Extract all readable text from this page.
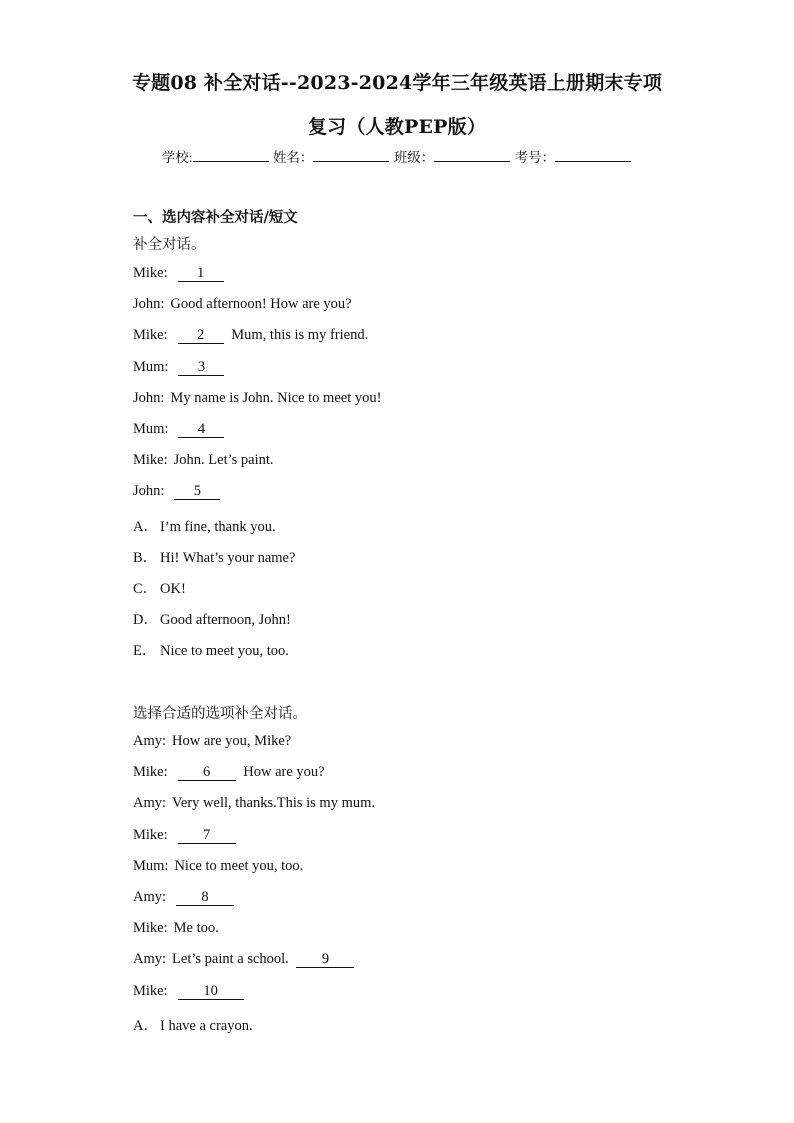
专题08 补全对话--2023-2024学年三年级英语上册期末专项
复习（人教PEP版）
学校:	姓名：	班级：	考号：
一、选内容补全对话/短文
补全对话。
Mike: 1
John: Good afternoon! How are you?
Mike: 2 Mum, this is my friend.
Mum: 3
John: My name is John. Nice to meet you!
Mum: 4
Mike: John. Let’s paint.
John: 5
A． I’m fine, thank you.
B． Hi! What’s your name?
C． OK!
D． Good afternoon, John!
E． Nice to meet you, too.
选择合适的选项补全对话。
Amy: How are you, Mike?
Mike: 6 How are you?
Amy: Very well, thanks.This is my mum.
Mike: 7
Mum: Nice to meet you, too.
Amy: 8
Mike: Me too.
Amy: Let’s paint a school. 9
Mike: 10
A． I have a crayon.
